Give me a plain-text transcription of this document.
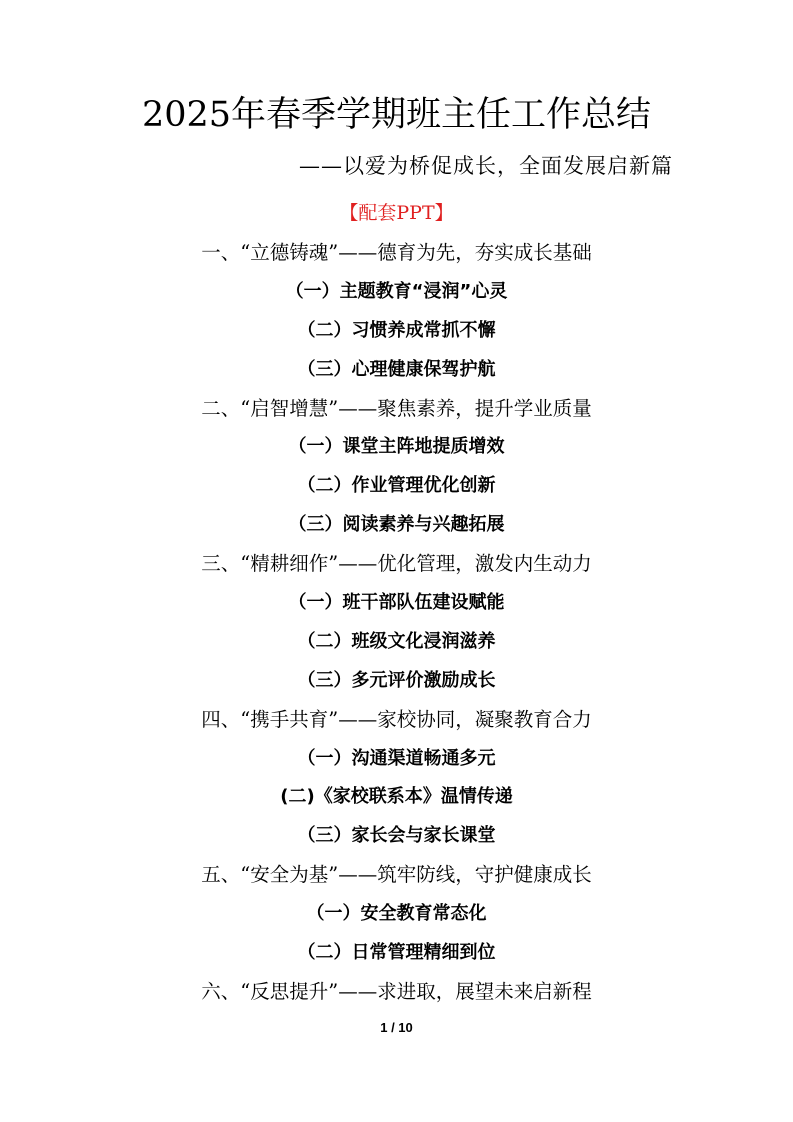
2025年春季学期班主任工作总结
——以爱为桥促成长，全面发展启新篇
【配套PPT】
一、“立德铸魂”——德育为先，夯实成长基础
（一）主题教育“浸润”心灵
（二）习惯养成常抓不懈
（三）心理健康保驾护航
二、“启智增慧”——聚焦素养，提升学业质量
（一）课堂主阵地提质增效
（二）作业管理优化创新
（三）阅读素养与兴趣拓展
三、“精耕细作”——优化管理，激发内生动力
（一）班干部队伍建设赋能
（二）班级文化浸润滋养
（三）多元评价激励成长
四、“携手共育”——家校协同，凝聚教育合力
（一）沟通渠道畅通多元
(二)《家校联系本》温情传递
（三）家长会与家长课堂
五、“安全为基”——筑牢防线，守护健康成长
（一）安全教育常态化
（二）日常管理精细到位
六、“反思提升”——求进取，展望未来启新程
1 / 10
